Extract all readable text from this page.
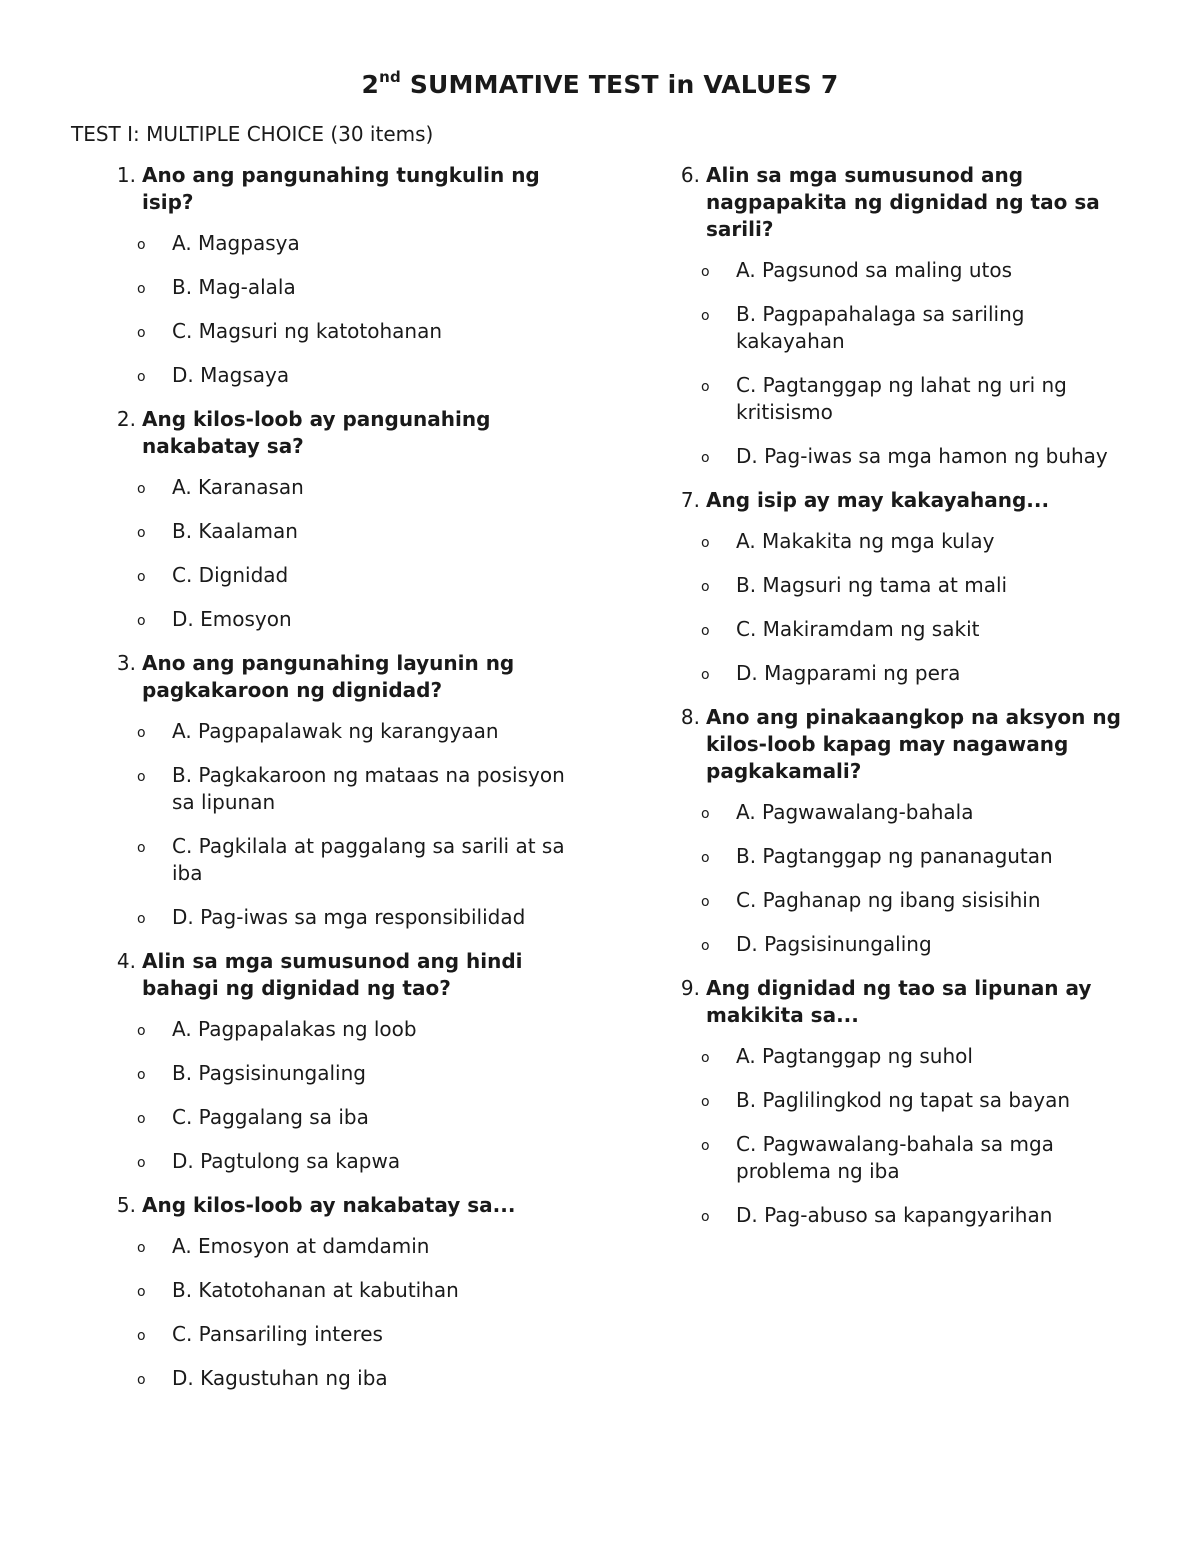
2nd SUMMATIVE TEST in VALUES 7
TEST I: MULTIPLE CHOICE (30 items)
1. Ano ang pangunahing tungkulin ng isip?
o A. Magpasya
o B. Mag-alala
o C. Magsuri ng katotohanan
o D. Magsaya
2. Ang kilos-loob ay pangunahing nakabatay sa?
o A. Karanasan
o B. Kaalaman
o C. Dignidad
o D. Emosyon
3. Ano ang pangunahing layunin ng pagkakaroon ng dignidad?
o A. Pagpapalawak ng karangyaan
o B. Pagkakaroon ng mataas na posisyon sa lipunan
o C. Pagkilala at paggalang sa sarili at sa iba
o D. Pag-iwas sa mga responsibilidad
4. Alin sa mga sumusunod ang hindi bahagi ng dignidad ng tao?
o A. Pagpapalakas ng loob
o B. Pagsisinungaling
o C. Paggalang sa iba
o D. Pagtulong sa kapwa
5. Ang kilos-loob ay nakabatay sa...
o A. Emosyon at damdamin
o B. Katotohanan at kabutihan
o C. Pansariling interes
o D. Kagustuhan ng iba
6. Alin sa mga sumusunod ang nagpapakita ng dignidad ng tao sa sarili?
o A. Pagsunod sa maling utos
o B. Pagpapahalaga sa sariling kakayahan
o C. Pagtanggap ng lahat ng uri ng kritisismo
o D. Pag-iwas sa mga hamon ng buhay
7. Ang isip ay may kakayahang...
o A. Makakita ng mga kulay
o B. Magsuri ng tama at mali
o C. Makiramdam ng sakit
o D. Magparami ng pera
8. Ano ang pinakaangkop na aksyon ng kilos-loob kapag may nagawang pagkakamali?
o A. Pagwawalang-bahala
o B. Pagtanggap ng pananagutan
o C. Paghanap ng ibang sisisihin
o D. Pagsisinungaling
9. Ang dignidad ng tao sa lipunan ay makikita sa...
o A. Pagtanggap ng suhol
o B. Paglilingkod ng tapat sa bayan
o C. Pagwawalang-bahala sa mga problema ng iba
o D. Pag-abuso sa kapangyarihan
